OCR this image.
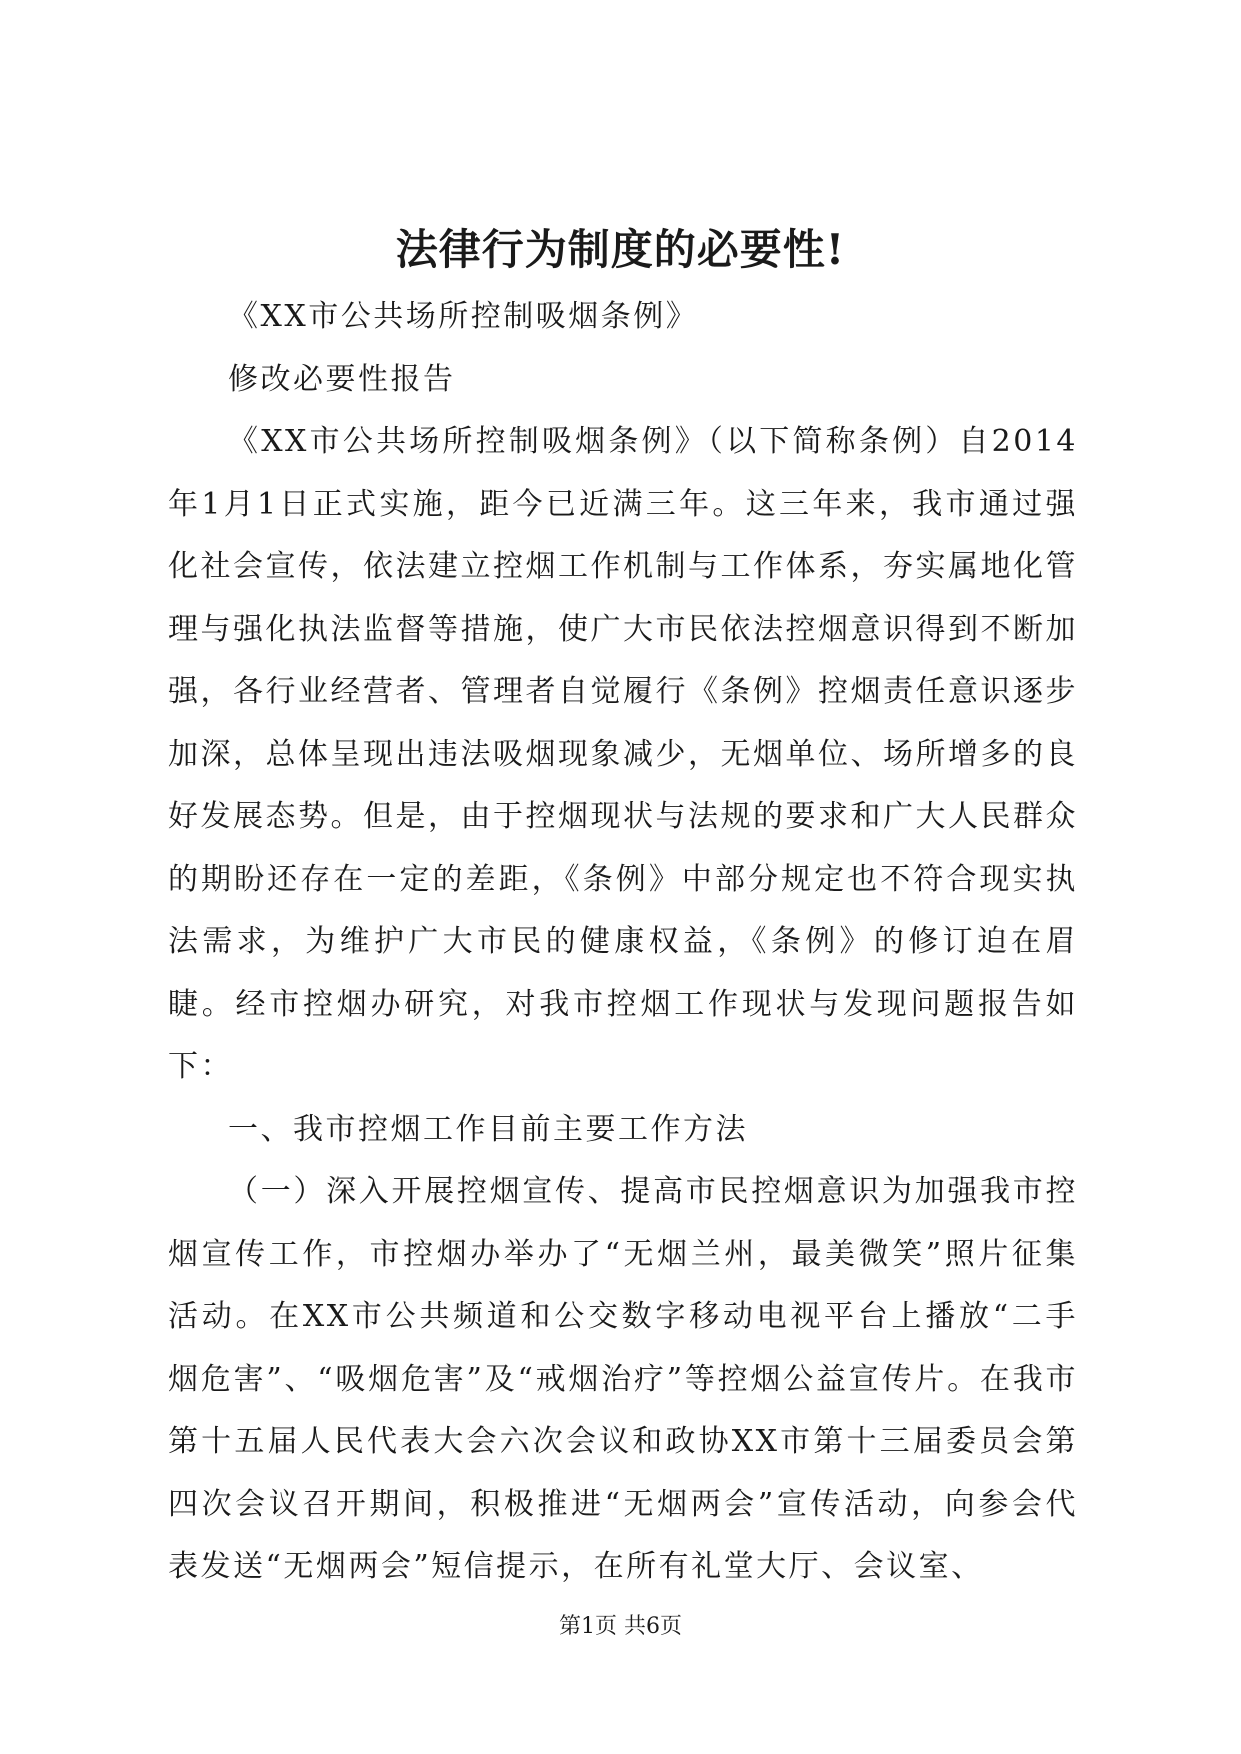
法律行为制度的必要性!

《XX市公共场所控制吸烟条例》

修改必要性报告

《XX市公共场所控制吸烟条例》（以下简称条例）自2014年1月1日正式实施，距今已近满三年。这三年来，我市通过强化社会宣传，依法建立控烟工作机制与工作体系，夯实属地化管理与强化执法监督等措施，使广大市民依法控烟意识得到不断加强，各行业经营者、管理者自觉履行《条例》控烟责任意识逐步加深，总体呈现出违法吸烟现象减少，无烟单位、场所增多的良好发展态势。但是，由于控烟现状与法规的要求和广大人民群众的期盼还存在一定的差距，《条例》中部分规定也不符合现实执法需求，为维护广大市民的健康权益，《条例》的修订迫在眉睫。经市控烟办研究，对我市控烟工作现状与发现问题报告如下：

一、我市控烟工作目前主要工作方法

（一）深入开展控烟宣传、提高市民控烟意识为加强我市控烟宣传工作，市控烟办举办了“无烟兰州，最美微笑”照片征集活动。在XX市公共频道和公交数字移动电视平台上播放“二手烟危害”、“吸烟危害”及“戒烟治疗”等控烟公益宣传片。在我市第十五届人民代表大会六次会议和政协XX市第十三届委员会第四次会议召开期间，积极推进“无烟两会”宣传活动，向参会代表发送“无烟两会”短信提示，在所有礼堂大厅、会议室、

第1页 共6页
